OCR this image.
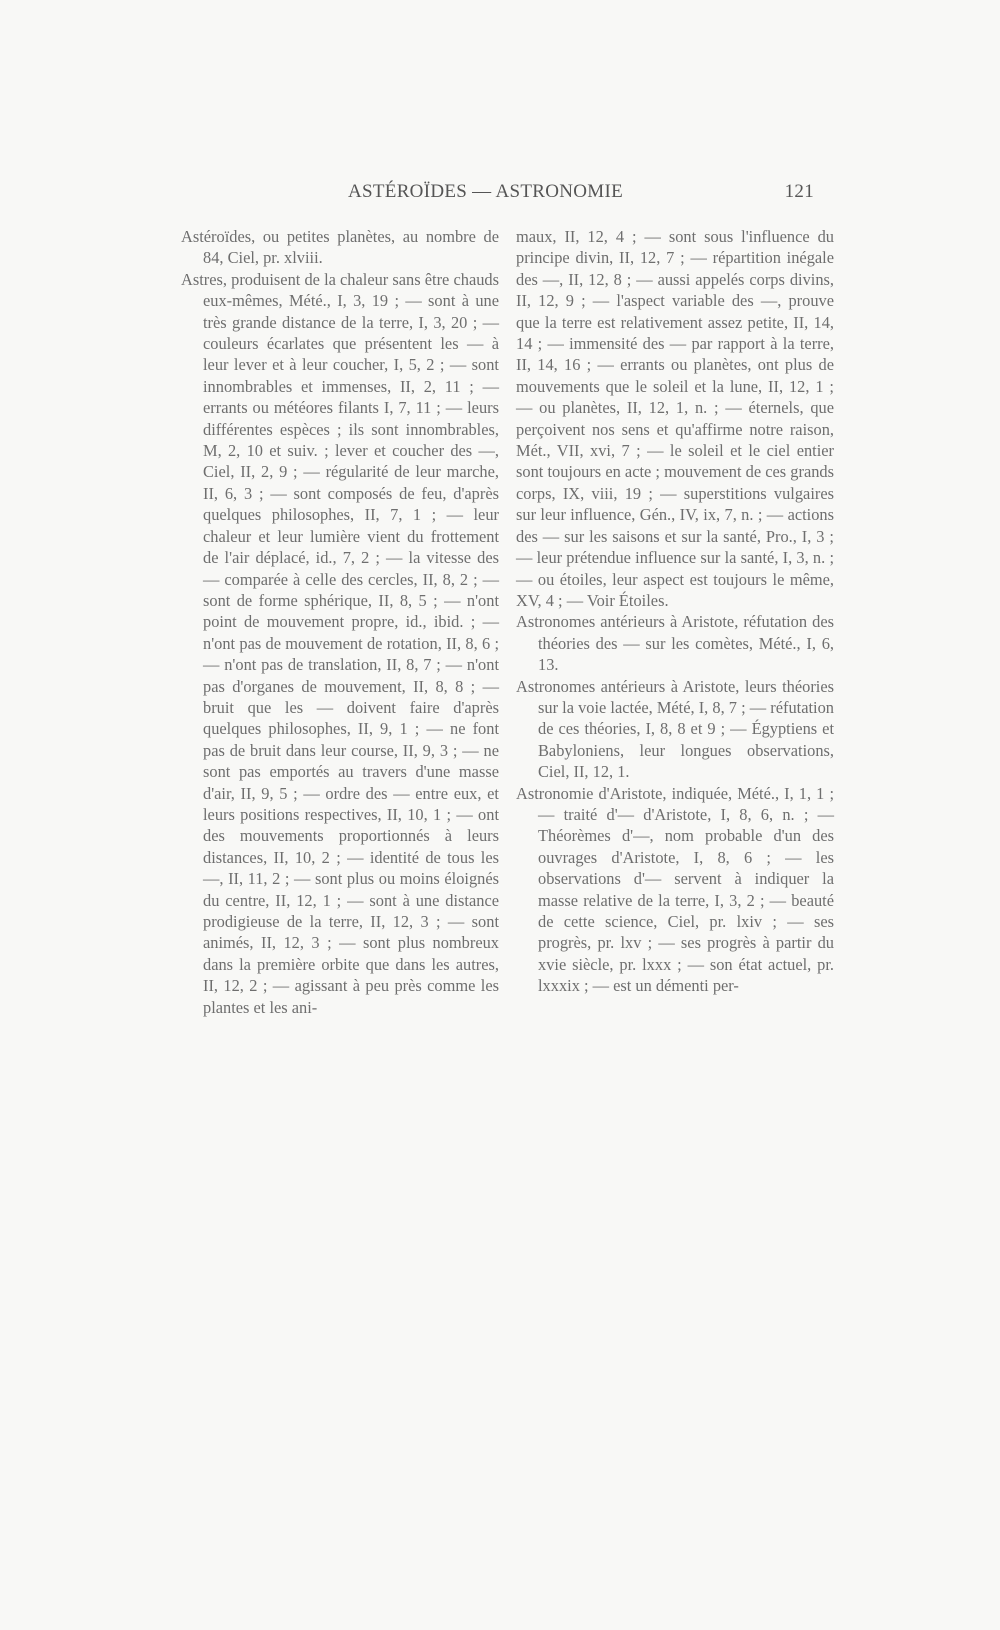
ASTÉROÏDES — ASTRONOMIE	121

Astéroïdes, ou petites planètes, au nombre de 84, Ciel, pr. xlviii.

Astres, produisent de la chaleur sans être chauds eux-mêmes, Mété., I, 3, 19 ; — sont à une très grande distance de la terre, I, 3, 20 ; — couleurs écarlates que présentent les — à leur lever et à leur coucher, I, 5, 2 ; — sont innombrables et immenses, II, 2, 11 ; — errants ou météores filants I, 7, 11 ; — leurs différentes espèces ; ils sont innombrables, M, 2, 10 et suiv. ; lever et coucher des —, Ciel, II, 2, 9 ; — régularité de leur marche, II, 6, 3 ; — sont composés de feu, d'après quelques philosophes, II, 7, 1 ; — leur chaleur et leur lumière vient du frottement de l'air déplacé, id., 7, 2 ; — la vitesse des — comparée à celle des cercles, II, 8, 2 ; — sont de forme sphérique, II, 8, 5 ; — n'ont point de mouvement propre, id., ibid. ; — n'ont pas de mouvement de rotation, II, 8, 6 ; — n'ont pas de translation, II, 8, 7 ; — n'ont pas d'organes de mouvement, II, 8, 8 ; — bruit que les — doivent faire d'après quelques philosophes, II, 9, 1 ; — ne font pas de bruit dans leur course, II, 9, 3 ; — ne sont pas emportés au travers d'une masse d'air, II, 9, 5 ; — ordre des — entre eux, et leurs positions respectives, II, 10, 1 ; — ont des mouvements proportionnés à leurs distances, II, 10, 2 ; — identité de tous les —, II, 11, 2 ; — sont plus ou moins éloignés du centre, II, 12, 1 ; — sont à une distance prodigieuse de la terre, II, 12, 3 ; — sont animés, II, 12, 3 ; — sont plus nombreux dans la première orbite que dans les autres, II, 12, 2 ; — agissant à peu près comme les plantes et les ani-

maux, II, 12, 4 ; — sont sous l'influence du principe divin, II, 12, 7 ; — répartition inégale des —, II, 12, 8 ; — aussi appelés corps divins, II, 12, 9 ; — l'aspect variable des —, prouve que la terre est relativement assez petite, II, 14, 14 ; — immensité des — par rapport à la terre, II, 14, 16 ; — errants ou planètes, ont plus de mouvements que le soleil et la lune, II, 12, 1 ; — ou planètes, II, 12, 1, n. ; — éternels, que perçoivent nos sens et qu'affirme notre raison, Mét., VII, xvi, 7 ; — le soleil et le ciel entier sont toujours en acte ; mouvement de ces grands corps, IX, viii, 19 ; — superstitions vulgaires sur leur influence, Gén., IV, ix, 7, n. ; — actions des — sur les saisons et sur la santé, Pro., I, 3 ; — leur prétendue influence sur la santé, I, 3, n. ; — ou étoiles, leur aspect est toujours le même, XV, 4 ; — Voir Étoiles.

Astronomes antérieurs à Aristote, réfutation des théories des — sur les comètes, Mété., I, 6, 13.

Astronomes antérieurs à Aristote, leurs théories sur la voie lactée, Mété, I, 8, 7 ; — réfutation de ces théories, I, 8, 8 et 9 ; — Égyptiens et Babyloniens, leur longues observations, Ciel, II, 12, 1.

Astronomie d'Aristote, indiquée, Mété., I, 1, 1 ; — traité d'— d'Aristote, I, 8, 6, n. ; — Théorèmes d'—, nom probable d'un des ouvrages d'Aristote, I, 8, 6 ; — les observations d'— servent à indiquer la masse relative de la terre, I, 3, 2 ; — beauté de cette science, Ciel, pr. lxiv ; — ses progrès, pr. lxv ; — ses progrès à partir du xvie siècle, pr. lxxx ; — son état actuel, pr. lxxxix ; — est un démenti per-
